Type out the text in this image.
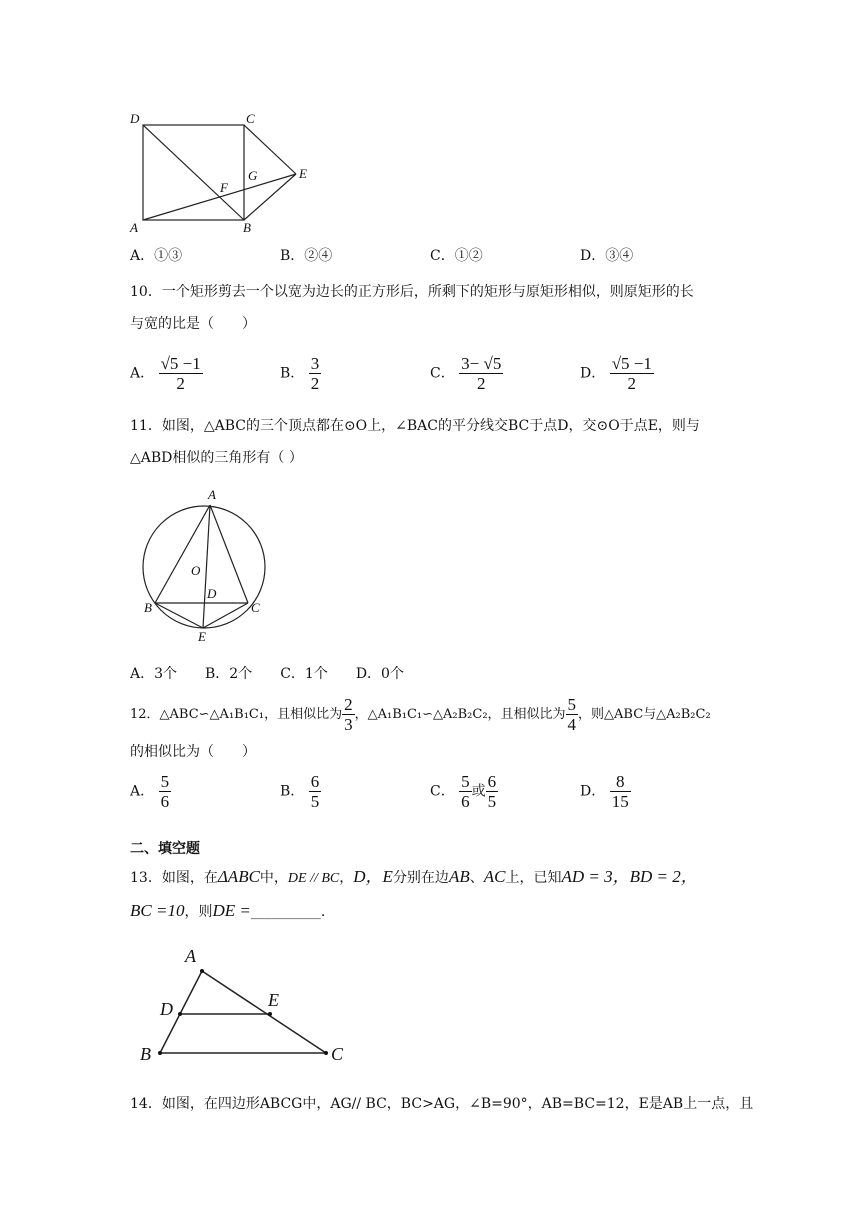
D	C
G	E
F
A	B
A．①③	B．②④	C．①②	D．③④
10．一个矩形剪去一个以宽为边长的正方形后，所剩下的矩形与原矩形相似，则原矩形的长
与宽的比是（　　）
A． $\frac{√5 -1}{2}$	B． $\frac{3}{2}$	C． $\frac{3- √5}{2}$	D． $\frac{√5 -1}{2}$
11．如图，△ABC的三个顶点都在⊙O上，∠BAC的平分线交BC于点D，交⊙O于点E，则与
△ABD相似的三角形有（ ）
A
O
D
B	C
E
A．3个　　B．2个　　C．1个　　D．0个
12．△ABC∽△A₁B₁C₁，且相似比为 $\frac{2}{3}$ ，△A₁B₁C₁∽△A₂B₂C₂，且相似比为 $\frac{5}{4}$ ，则△ABC与△A₂B₂C₂
的相似比为（　　）
A． $\frac{5}{6}$	B． $\frac{6}{5}$	C． $\frac{5}{6}$ 或 $\frac{6}{5}$	D． $\frac{8}{15}$
二、填空题
13．如图，在ΔABC中，DE // BC，D，E分别在边AB、AC上，已知AD = 3，BD = 2，
BC =10，则DE =__________.
A
D	E
B	C
14．如图，在四边形ABCG中，AG// BC，BC>AG，∠B=90°，AB=BC=12，E是AB上一点，且
